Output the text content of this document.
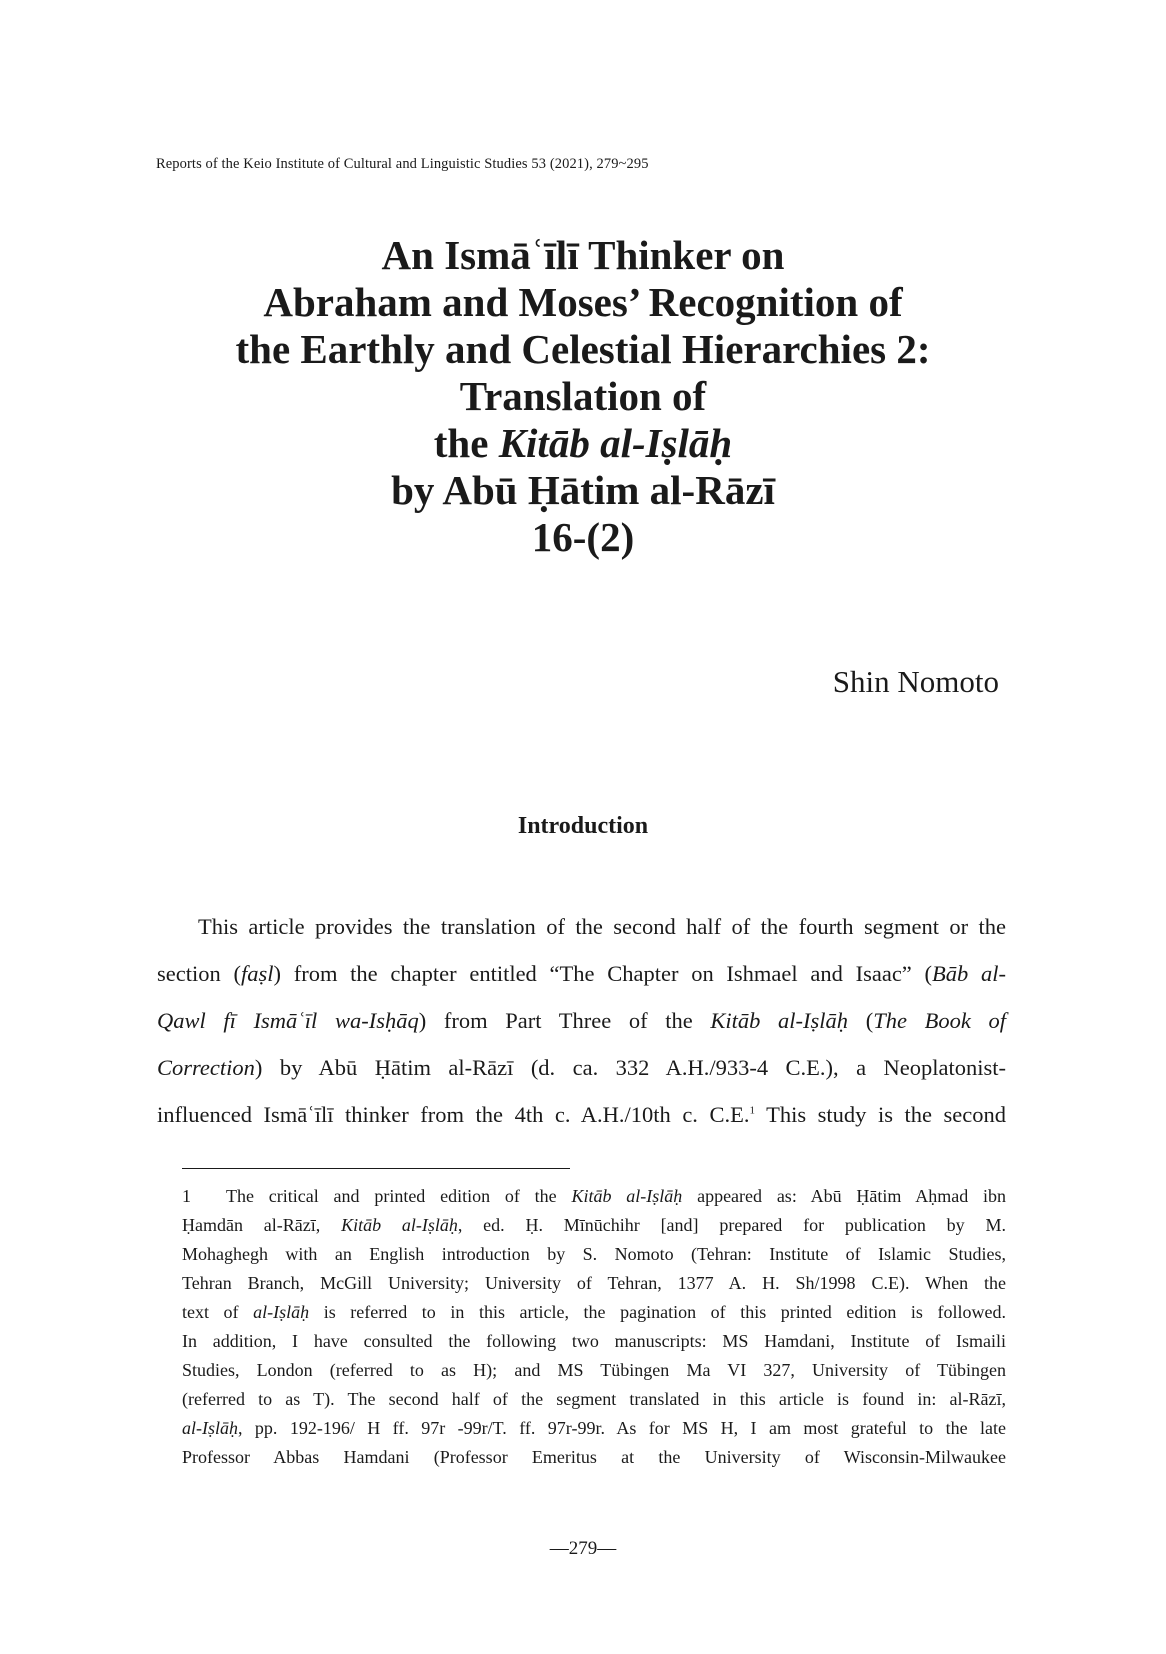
Reports of the Keio Institute of Cultural and Linguistic Studies 53 (2021), 279~295
An Ismāʿīlī Thinker on
Abraham and Moses’ Recognition of
the Earthly and Celestial Hierarchies 2:
Translation of
the Kitāb al-Iṣlāḥ
by Abū Ḥātim al-Rāzī
16-(2)
Shin Nomoto
Introduction
This article provides the translation of the second half of the fourth segment or the
section (faṣl) from the chapter entitled “The Chapter on Ishmael and Isaac” (Bāb al-
Qawl fī Ismāʿīl wa-Isḥāq) from Part Three of the Kitāb al-Iṣlāḥ (The Book of
Correction) by Abū Ḥātim al-Rāzī (d. ca. 332 A.H./933-4 C.E.), a Neoplatonist-
influenced Ismāʿīlī thinker from the 4th c. A.H./10th c. C.E.$^1$ This study is the second
1 The critical and printed edition of the Kitāb al-Iṣlāḥ appeared as: Abū Ḥātim Aḥmad ibn
Ḥamdān al-Rāzī, Kitāb al-Iṣlāḥ, ed. Ḥ. Mīnūchihr [and] prepared for publication by M.
Mohaghegh with an English introduction by S. Nomoto (Tehran: Institute of Islamic Studies,
Tehran Branch, McGill University; University of Tehran, 1377 A. H. Sh/1998 C.E). When the
text of al-Iṣlāḥ is referred to in this article, the pagination of this printed edition is followed.
In addition, I have consulted the following two manuscripts: MS Hamdani, Institute of Ismaili
Studies, London (referred to as H); and MS Tübingen Ma VI 327, University of Tübingen
(referred to as T). The second half of the segment translated in this article is found in: al-Rāzī,
al-Iṣlāḥ, pp. 192-196/ H ff. 97r -99r/T. ff. 97r-99r. As for MS H, I am most grateful to the late
Professor Abbas Hamdani (Professor Emeritus at the University of Wisconsin-Milwaukee
—279—
